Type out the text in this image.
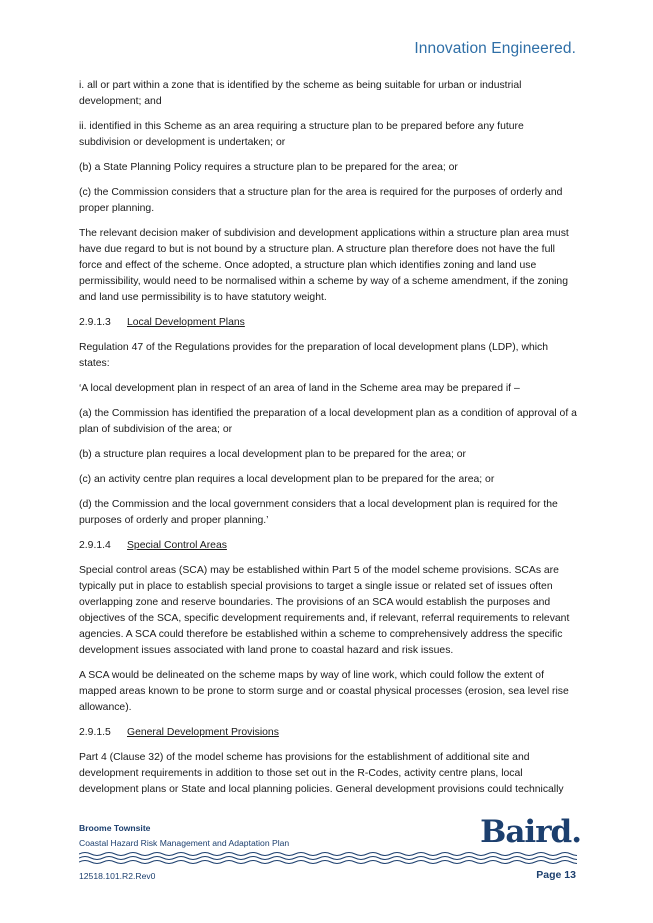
Innovation Engineered.

i. all or part within a zone that is identified by the scheme as being suitable for urban or industrial development; and

ii. identified in this Scheme as an area requiring a structure plan to be prepared before any future subdivision or development is undertaken; or

(b) a State Planning Policy requires a structure plan to be prepared for the area; or

(c) the Commission considers that a structure plan for the area is required for the purposes of orderly and proper planning.

The relevant decision maker of subdivision and development applications within a structure plan area must have due regard to but is not bound by a structure plan. A structure plan therefore does not have the full force and effect of the scheme. Once adopted, a structure plan which identifies zoning and land use permissibility, would need to be normalised within a scheme by way of a scheme amendment, if the zoning and land use permissibility is to have statutory weight.

2.9.1.3 Local Development Plans

Regulation 47 of the Regulations provides for the preparation of local development plans (LDP), which states:

‘A local development plan in respect of an area of land in the Scheme area may be prepared if –

(a) the Commission has identified the preparation of a local development plan as a condition of approval of a plan of subdivision of the area; or

(b) a structure plan requires a local development plan to be prepared for the area; or

(c) an activity centre plan requires a local development plan to be prepared for the area; or

(d) the Commission and the local government considers that a local development plan is required for the purposes of orderly and proper planning.’

2.9.1.4 Special Control Areas

Special control areas (SCA) may be established within Part 5 of the model scheme provisions. SCAs are typically put in place to establish special provisions to target a single issue or related set of issues often overlapping zone and reserve boundaries. The provisions of an SCA would establish the purposes and objectives of the SCA, specific development requirements and, if relevant, referral requirements to relevant agencies. A SCA could therefore be established within a scheme to comprehensively address the specific development issues associated with land prone to coastal hazard and risk issues.

A SCA would be delineated on the scheme maps by way of line work, which could follow the extent of mapped areas known to be prone to storm surge and or coastal physical processes (erosion, sea level rise allowance).

2.9.1.5 General Development Provisions

Part 4 (Clause 32) of the model scheme has provisions for the establishment of additional site and development requirements in addition to those set out in the R-Codes, activity centre plans, local development plans or State and local planning policies. General development provisions could technically

Broome Townsite
Coastal Hazard Risk Management and Adaptation Plan	Baird.
12518.101.R2.Rev0	Page 13
